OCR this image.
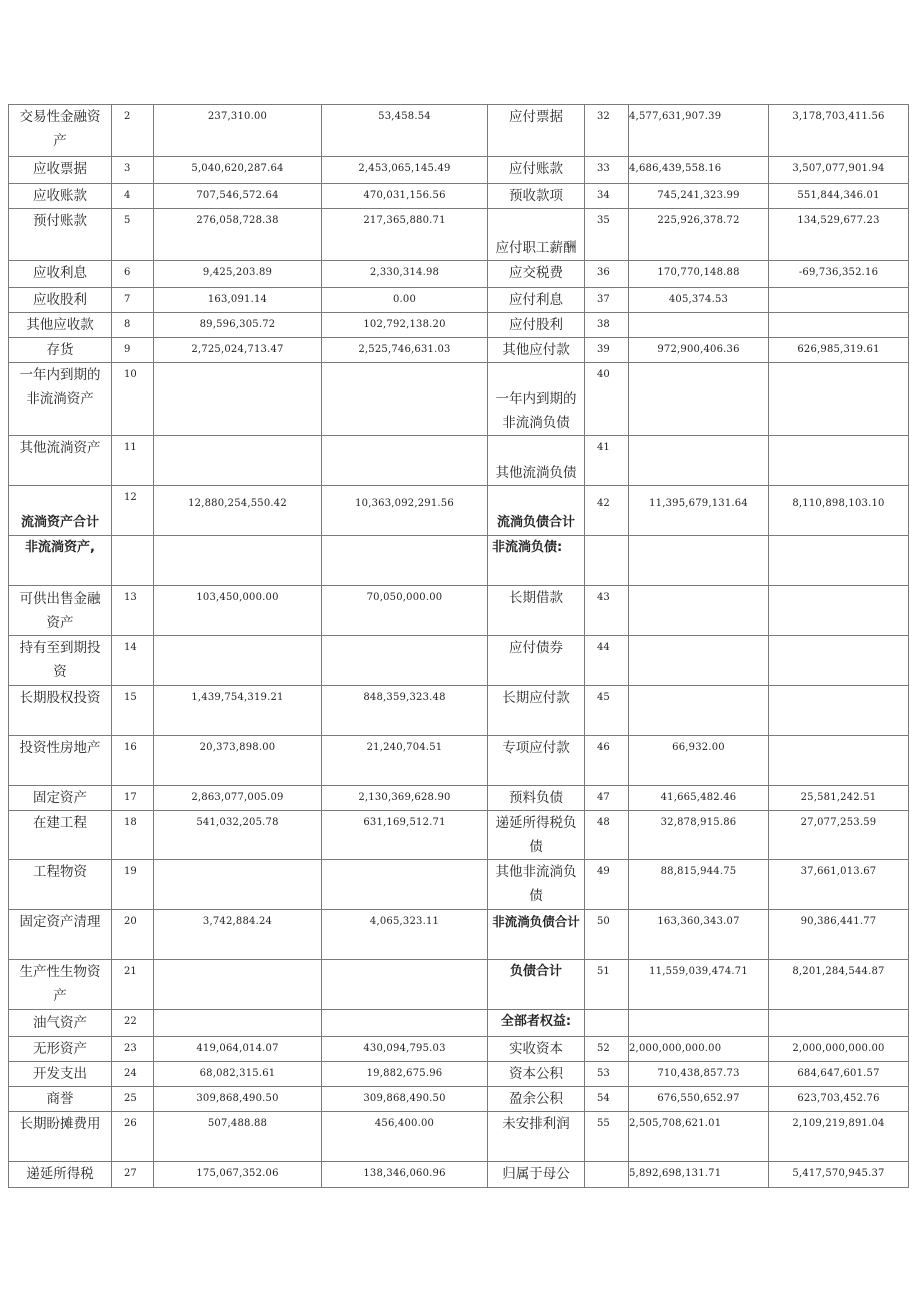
交易性金融资产	2	237,310.00	53,458.54	应付票据	32	4,577,631,907.39	3,178,703,411.56
应收票据	3	5,040,620,287.64	2,453,065,145.49	应付账款	33	4,686,439,558.16	3,507,077,901.94
应收账款	4	707,546,572.64	470,031,156.56	预收款项	34	745,241,323.99	551,844,346.01
预付账款	5	276,058,728.38	217,365,880.71	应付职工薪酬	35	225,926,378.72	134,529,677.23
应收利息	6	9,425,203.89	2,330,314.98	应交税费	36	170,770,148.88	-69,736,352.16
应收股利	7	163,091.14	0.00	应付利息	37	405,374.53	
其他应收款	8	89,596,305.72	102,792,138.20	应付股利	38		
存货	9	2,725,024,713.47	2,525,746,631.03	其他应付款	39	972,900,406.36	626,985,319.61
一年内到期的非流淌资产	10			一年内到期的非流淌负债	40		
其他流淌资产	11			其他流淌负债	41		
流淌资产合计	12	12,880,254,550.42	10,363,092,291.56	流淌负债合计	42	11,395,679,131.64	8,110,898,103.10
非流淌资产,				非流淌负债:			
可供出售金融资产	13	103,450,000.00	70,050,000.00	长期借款	43		
持有至到期投资	14			应付债券	44		
长期股权投资	15	1,439,754,319.21	848,359,323.48	长期应付款	45		
投资性房地产	16	20,373,898.00	21,240,704.51	专项应付款	46	66,932.00	
固定资产	17	2,863,077,005.09	2,130,369,628.90	预料负债	47	41,665,482.46	25,581,242.51
在建工程	18	541,032,205.78	631,169,512.71	递延所得税负债	48	32,878,915.86	27,077,253.59
工程物资	19			其他非流淌负债	49	88,815,944.75	37,661,013.67
固定资产清理	20	3,742,884.24	4,065,323.11	非流淌负债合计	50	163,360,343.07	90,386,441.77
生产性生物资产	21			负债合计	51	11,559,039,474.71	8,201,284,544.87
油气资产	22			全部者权益:			
无形资产	23	419,064,014.07	430,094,795.03	实收资本	52	2,000,000,000.00	2,000,000,000.00
开发支出	24	68,082,315.61	19,882,675.96	资本公积	53	710,438,857.73	684,647,601.57
商誉	25	309,868,490.50	309,868,490.50	盈余公积	54	676,550,652.97	623,703,452.76
长期盼摊费用	26	507,488.88	456,400.00	未安排利润	55	2,505,708,621.01	2,109,219,891.04
递延所得税	27	175,067,352.06	138,346,060.96	归属于母公		5,892,698,131.71	5,417,570,945.37
